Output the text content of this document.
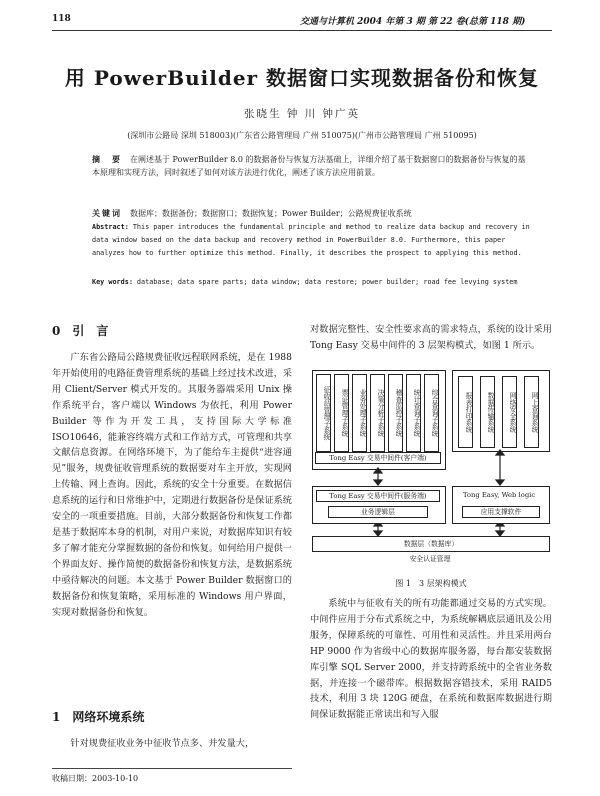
118	交通与计算机 2004 年第 3 期 第 22 卷(总第 118 期)
用 PowerBuilder 数据窗口实现数据备份和恢复
张晓生 钟 川 钟广英
(深圳市公路局 深圳 518003)(广东省公路管理局 广州 510075)(广州市公路管理局 广州 510095)
摘　要 在阐述基于 PowerBuilder 8.0 的数据备份与恢复方法基础上，详细介绍了基于数据窗口的数据备份与恢复的基本原理和实现方法，同时叙述了如何对该方法进行优化，阐述了该方法应用前景。
关键词 数据库；数据备份；数据窗口；数据恢复；Power Builder；公路规费征收系统
Abstract: This paper introduces the fundamental principle and method to realize data backup and recovery in data window based on the data backup and recovery method in PowerBuilder 8.0. Furthermore, this paper analyzes how to further optimize this method. Finally, it describes the prospect to applying this method.
Key words: database; data spare parts; data window; data restore; power builder; road fee levying system
0　引　言

广东省公路局公路规费征收远程联网系统，是在 1988 年开始使用的电路征费管理系统的基础上经过技术改进，采用 Client/Server 模式开发的。其服务器端采用 Unix 操作系统平台，客户端以 Windows 为依托，利用 Power Builder 等作为开发工具，支持国际大学标准 ISO10646，能兼容终端方式和工作站方式，可管理和共享文献信息资源。在网络环境下，为了能给车主提供“进容通见”服务，规费征收管理系统的数据要对车主开放，实现网上传输、网上查询。因此，系统的安全十分重要。在数据信息系统的运行和日常维护中，定期进行数据备份是保证系统安全的一项重要措施。目前，大部分数据备份和恢复工作都是基于数据库本身的机制，对用户来说，对数据库知识有较多了解才能充分掌握数据的备份和恢复。如何给用户提供一个界面友好、操作简便的数据备份和恢复方法，是数据系统中亟待解决的问题。本文基于 Power Builder 数据窗口的数据备份和恢复策略，采用标准的 Windows 用户界面，实现对数据备份和恢复。

1　网络环境系统

针对规费征收业务中征收节点多、并发量大，

收稿日期：2003-10-10

对数据完整性、安全性要求高的需求特点，系统的设计采用 Tong Easy 交易中间件的 3 层架构模式，如图 1 所示。

征收站管理子系统	票证管理子系统	业务处理子系统	决策分析子系统	稽查监控子系统	统计查询子系统	综合查询子系统
Tong Easy 交易中间件(客户端)
报表打印系统	数据传输系统	网络安全系统	网上查询系统
Tong Easy 交易中间件(服务端)
业务逻辑层
Tong Easy, Web logic
应用支撑软件
数据层（数据库）
安全认证管理
图 1　3 层架构模式

系统中与征收有关的所有功能都通过交易的方式实现。中间件应用于分布式系统之中，为系统解耦底层通讯及公用服务，保障系统的可靠性、可用性和灵活性。并且采用两台 HP 9000 作为省级中心的数据库服务器，每台都安装数据库引擎 SQL Server 2000，并支持跨系统中的全省业务数据，并连接一个磁带库。根据数据容错技术，采用 RAID5 技术，利用 3 块 120G 硬盘，在系统和数据库数据进行期间保证数据能正常读出和写入服
